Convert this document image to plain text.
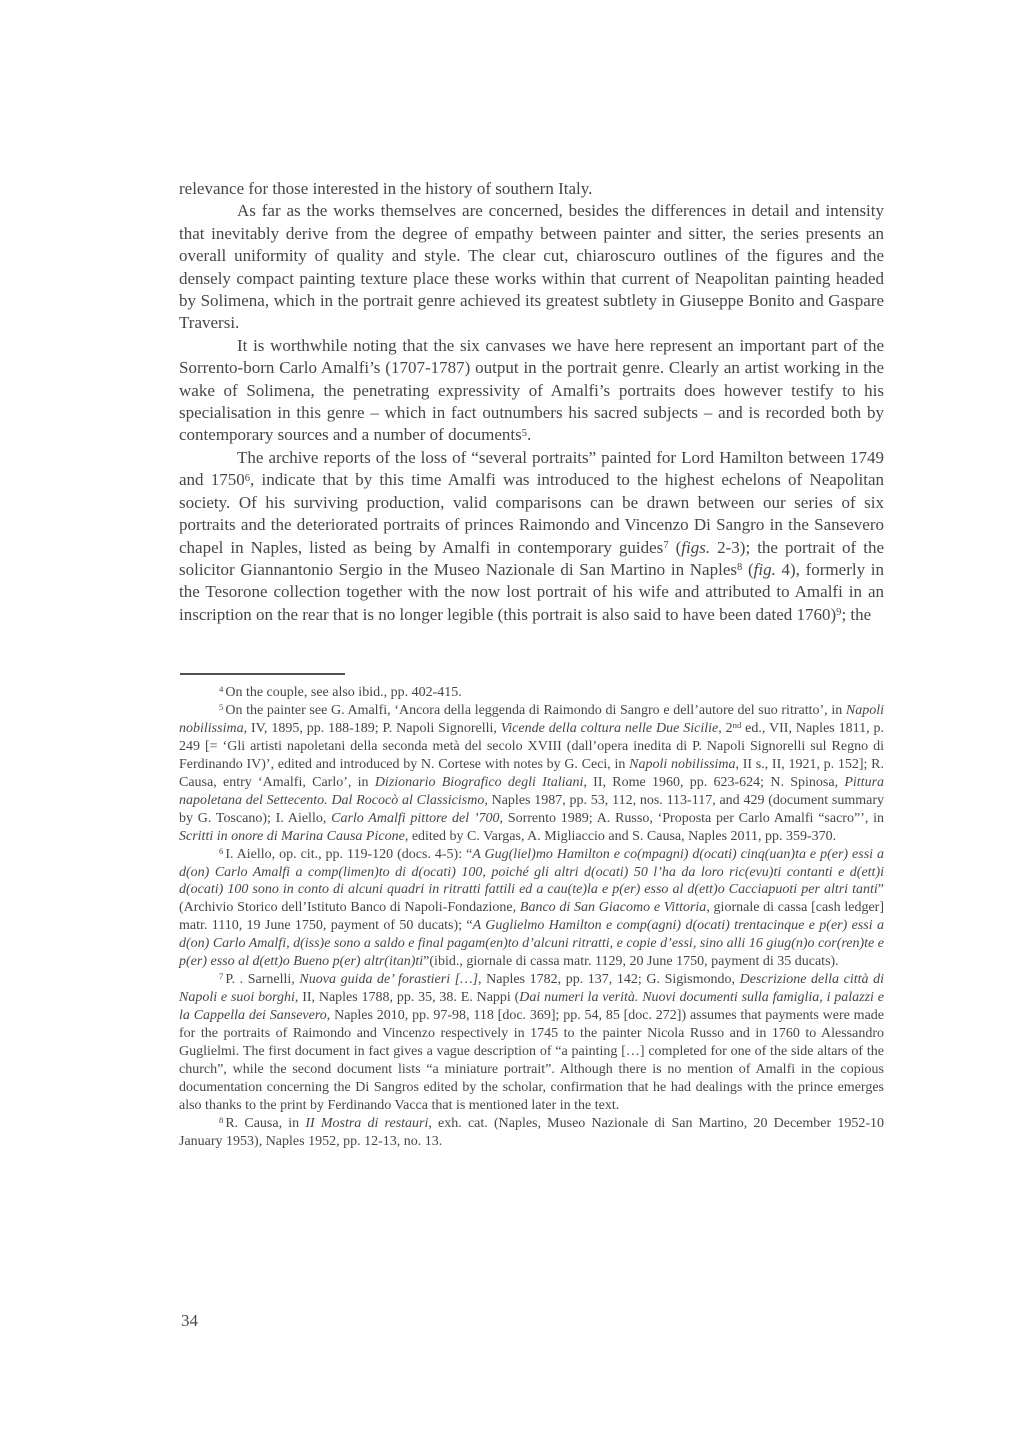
relevance for those interested in the history of southern Italy.

As far as the works themselves are concerned, besides the differences in detail and intensity that inevitably derive from the degree of empathy between painter and sitter, the series presents an overall uniformity of quality and style. The clear cut, chiaroscuro outlines of the figures and the densely compact painting texture place these works within that current of Neapolitan painting headed by Solimena, which in the portrait genre achieved its greatest subtlety in Giuseppe Bonito and Gaspare Traversi.

It is worthwhile noting that the six canvases we have here represent an important part of the Sorrento-born Carlo Amalfi’s (1707-1787) output in the portrait genre. Clearly an artist working in the wake of Solimena, the penetrating expressivity of Amalfi’s portraits does however testify to his specialisation in this genre – which in fact outnumbers his sacred subjects – and is recorded both by contemporary sources and a number of documents$^5$.

The archive reports of the loss of “several portraits” painted for Lord Hamilton between 1749 and 1750$^6$, indicate that by this time Amalfi was introduced to the highest echelons of Neapolitan society. Of his surviving production, valid comparisons can be drawn between our series of six portraits and the deteriorated portraits of princes Raimondo and Vincenzo Di Sangro in the Sansevero chapel in Naples, listed as being by Amalfi in contemporary guides$^7$ (figs. 2-3); the portrait of the solicitor Giannantonio Sergio in the Museo Nazionale di San Martino in Naples$^8$ (fig. 4), formerly in the Tesorone collection together with the now lost portrait of his wife and attributed to Amalfi in an inscription on the rear that is no longer legible (this portrait is also said to have been dated 1760)$^9$; the

$^4$ On the couple, see also ibid., pp. 402-415.

$^5$ On the painter see G. Amalfi, ‘Ancora della leggenda di Raimondo di Sangro e dell’autore del suo ritratto’, in Napoli nobilissima, IV, 1895, pp. 188-189; P. Napoli Signorelli, Vicende della coltura nelle Due Sicilie, 2nd ed., VII, Naples 1811, p. 249 [= ‘Gli artisti napoletani della seconda metà del secolo XVIII (dall’opera inedita di P. Napoli Signorelli sul Regno di Ferdinando IV)’, edited and introduced by N. Cortese with notes by G. Ceci, in Napoli nobilissima, II s., II, 1921, p. 152]; R. Causa, entry ‘Amalfi, Carlo’, in Dizionario Biografico degli Italiani, II, Rome 1960, pp. 623-624; N. Spinosa, Pittura napoletana del Settecento. Dal Rococò al Classicismo, Naples 1987, pp. 53, 112, nos. 113-117, and 429 (document summary by G. Toscano); I. Aiello, Carlo Amalfi pittore del ’700, Sorrento 1989; A. Russo, ‘Proposta per Carlo Amalfi “sacro”’, in Scritti in onore di Marina Causa Picone, edited by C. Vargas, A. Migliaccio and S. Causa, Naples 2011, pp. 359-370.

$^6$ I. Aiello, op. cit., pp. 119-120 (docs. 4-5): “A Gug(liel)mo Hamilton e co(mpagni) d(ocati) cinq(uan)ta e p(er) essi a d(on) Carlo Amalfi a comp(limen)to di d(ocati) 100, poiché gli altri d(ocati) 50 l’ha da loro ric(evu)ti contanti e d(ett)i d(ocati) 100 sono in conto di alcuni quadri in ritratti fattili ed a cau(te)la e p(er) esso al d(ett)o Cacciapuoti per altri tanti” (Archivio Storico dell’Istituto Banco di Napoli-Fondazione, Banco di San Giacomo e Vittoria, giornale di cassa [cash ledger] matr. 1110, 19 June 1750, payment of 50 ducats); “A Guglielmo Hamilton e comp(agni) d(ocati) trentacinque e p(er) essi a d(on) Carlo Amalfi, d(iss)e sono a saldo e final pagam(en)to d’alcuni ritratti, e copie d’essi, sino alli 16 giug(n)o cor(ren)te e p(er) esso al d(ett)o Bueno p(er) altr(itan)ti”(ibid., giornale di cassa matr. 1129, 20 June 1750, payment di 35 ducats).

$^7$ P. . Sarnelli, Nuova guida de’ forastieri […], Naples 1782, pp. 137, 142; G. Sigismondo, Descrizione della città di Napoli e suoi borghi, II, Naples 1788, pp. 35, 38. E. Nappi (Dai numeri la verità. Nuovi documenti sulla famiglia, i palazzi e la Cappella dei Sansevero, Naples 2010, pp. 97-98, 118 [doc. 369]; pp. 54, 85 [doc. 272]) assumes that payments were made for the portraits of Raimondo and Vincenzo respectively in 1745 to the painter Nicola Russo and in 1760 to Alessandro Guglielmi. The first document in fact gives a vague description of “a painting […] completed for one of the side altars of the church”, while the second document lists “a miniature portrait”. Although there is no mention of Amalfi in the copious documentation concerning the Di Sangros edited by the scholar, confirmation that he had dealings with the prince emerges also thanks to the print by Ferdinando Vacca that is mentioned later in the text.

$^8$ R. Causa, in II Mostra di restauri, exh. cat. (Naples, Museo Nazionale di San Martino, 20 December 1952-10 January 1953), Naples 1952, pp. 12-13, no. 13.

34
